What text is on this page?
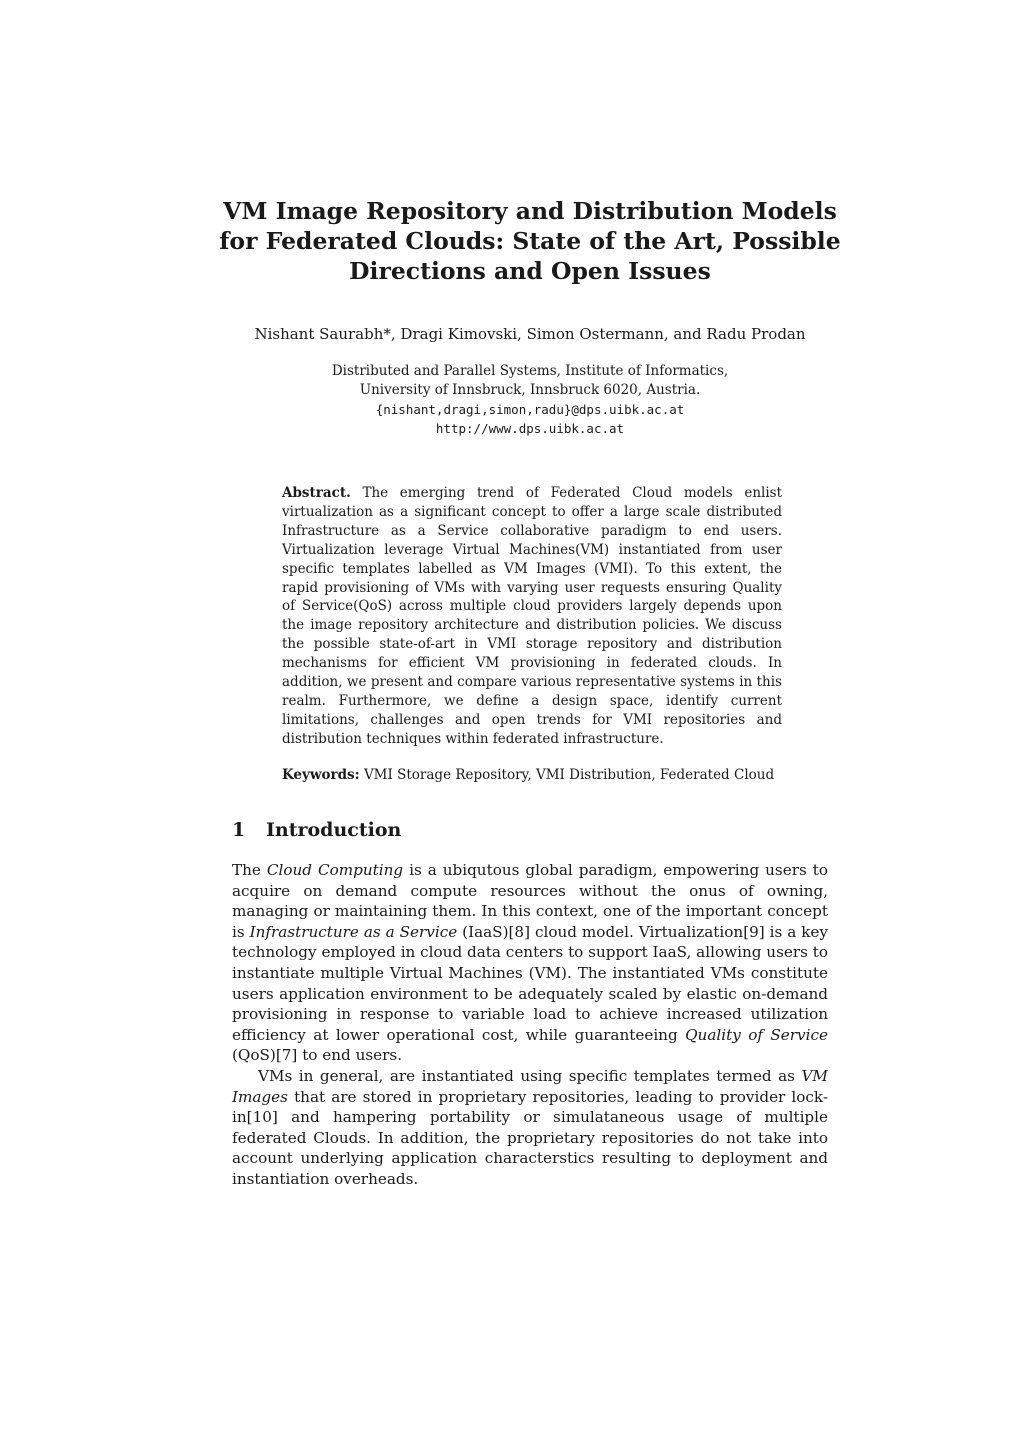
VM Image Repository and Distribution Models
for Federated Clouds: State of the Art, Possible
Directions and Open Issues
Nishant Saurabh*, Dragi Kimovski, Simon Ostermann, and Radu Prodan
Distributed and Parallel Systems, Institute of Informatics,
University of Innsbruck, Innsbruck 6020, Austria.
{nishant,dragi,simon,radu}@dps.uibk.ac.at
http://www.dps.uibk.ac.at
Abstract. The emerging trend of Federated Cloud models enlist virtualization as a significant concept to offer a large scale distributed Infrastructure as a Service collaborative paradigm to end users. Virtualization leverage Virtual Machines(VM) instantiated from user specific templates labelled as VM Images (VMI). To this extent, the rapid provisioning of VMs with varying user requests ensuring Quality of Service(QoS) across multiple cloud providers largely depends upon the image repository architecture and distribution policies. We discuss the possible state-of-art in VMI storage repository and distribution mechanisms for efficient VM provisioning in federated clouds. In addition, we present and compare various representative systems in this realm. Furthermore, we define a design space, identify current limitations, challenges and open trends for VMI repositories and distribution techniques within federated infrastructure.
Keywords: VMI Storage Repository, VMI Distribution, Federated Cloud
1 Introduction

The Cloud Computing is a ubiqutous global paradigm, empowering users to acquire on demand compute resources without the onus of owning, managing or maintaining them. In this context, one of the important concept is Infrastructure as a Service (IaaS)[8] cloud model. Virtualization[9] is a key technology employed in cloud data centers to support IaaS, allowing users to instantiate multiple Virtual Machines (VM). The instantiated VMs constitute users application environment to be adequately scaled by elastic on-demand provisioning in response to variable load to achieve increased utilization efficiency at lower operational cost, while guaranteeing Quality of Service (QoS)[7] to end users.

VMs in general, are instantiated using specific templates termed as VM Images that are stored in proprietary repositories, leading to provider lock-in[10] and hampering portability or simulataneous usage of multiple federated Clouds. In addition, the proprietary repositories do not take into account underlying application characterstics resulting to deployment and instantiation overheads.
